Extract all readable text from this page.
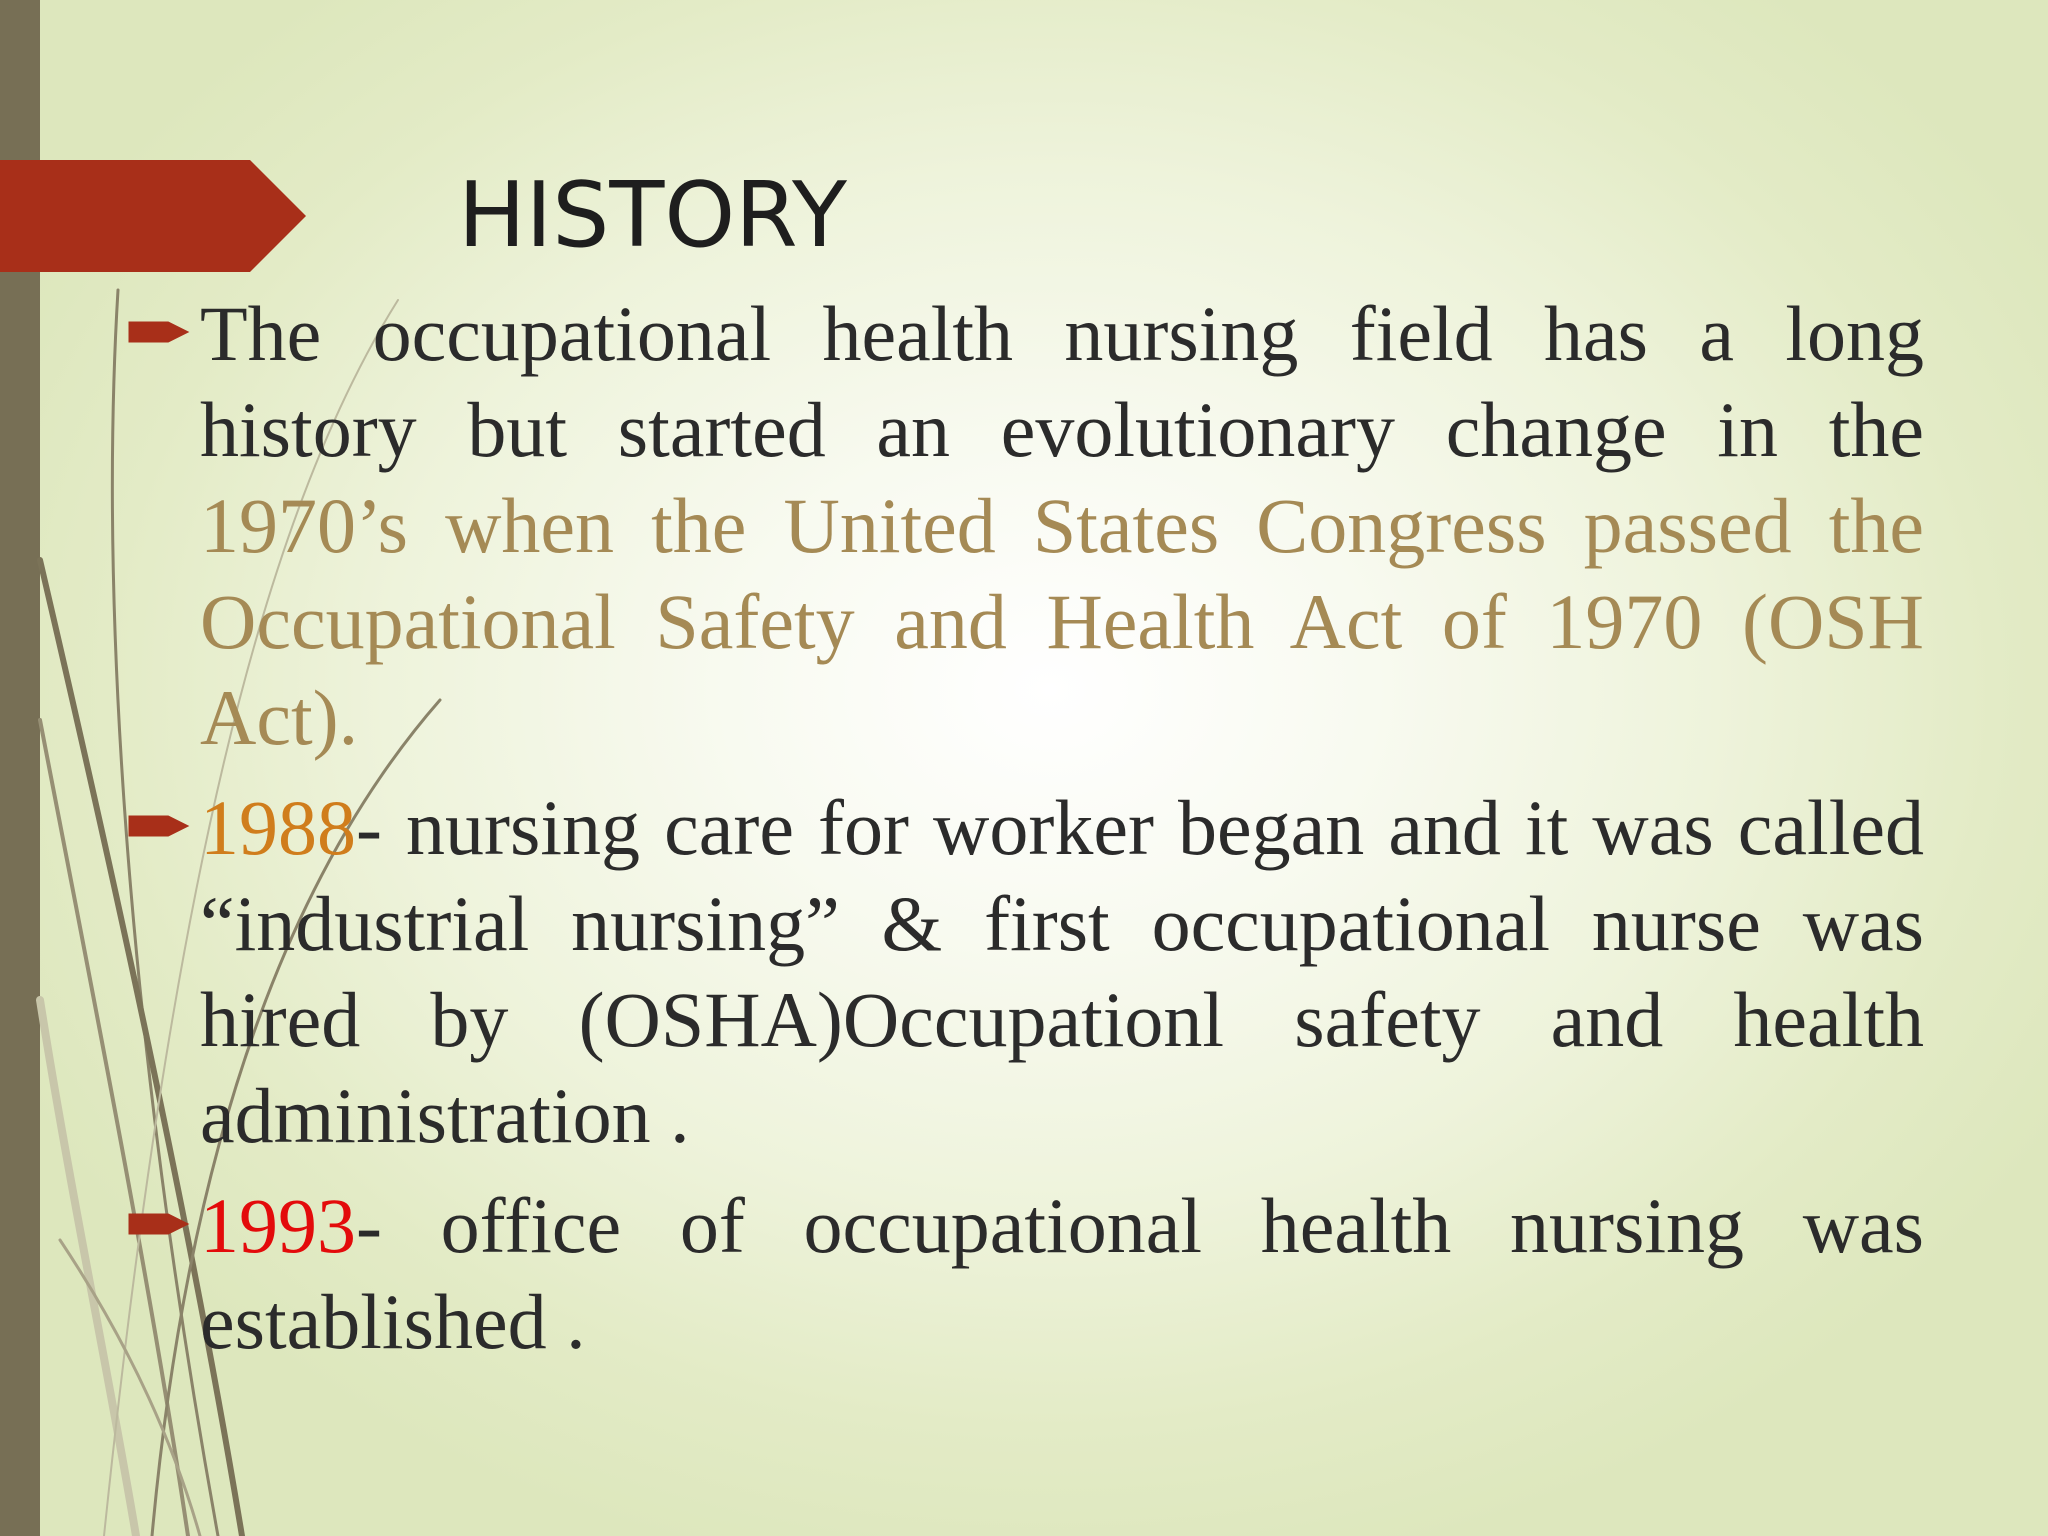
HISTORY
The occupational health nursing field has a long history but started an evolutionary change in the 1970’s when the United States Congress passed the Occupational Safety and Health Act of 1970 (OSH Act).
1988- nursing care for worker began and it was called “industrial nursing” & first occupational nurse was hired by (OSHA)Occupationl safety and health administration .
1993- office of occupational health nursing was established .
